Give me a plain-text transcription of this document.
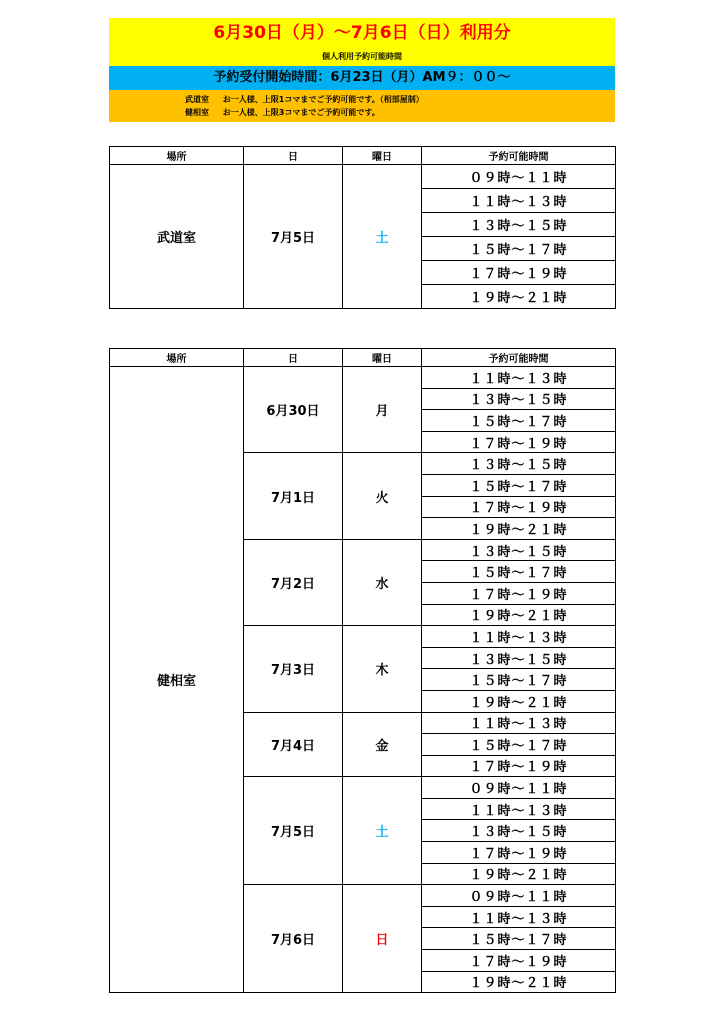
6月30日（月）～7月6日（日）利用分
個人利用予約可能時間
予約受付開始時間：6月23日（月）AM９：００～
武道室 お一人様、上限1コマまでご予約可能です。（相部屋制）
健相室 お一人様、上限3コマまでご予約可能です。
場所	日	曜日	予約可能時間
武道室	7月5日	土	０９時～１１時
			１１時～１３時
			１３時～１５時
			１５時～１７時
			１７時～１９時
			１９時～２１時
場所	日	曜日	予約可能時間
健相室	6月30日	月	１１時～１３時
			１３時～１５時
			１５時～１７時
			１７時～１９時
	7月1日	火	１３時～１５時
			１５時～１７時
			１７時～１９時
			１９時～２１時
	7月2日	水	１３時～１５時
			１５時～１７時
			１７時～１９時
			１９時～２１時
	7月3日	木	１１時～１３時
			１３時～１５時
			１５時～１７時
			１９時～２１時
	7月4日	金	１１時～１３時
			１５時～１７時
			１７時～１９時
	7月5日	土	０９時～１１時
			１１時～１３時
			１３時～１５時
			１７時～１９時
			１９時～２１時
	7月6日	日	０９時～１１時
			１１時～１３時
			１５時～１７時
			１７時～１９時
			１９時～２１時
